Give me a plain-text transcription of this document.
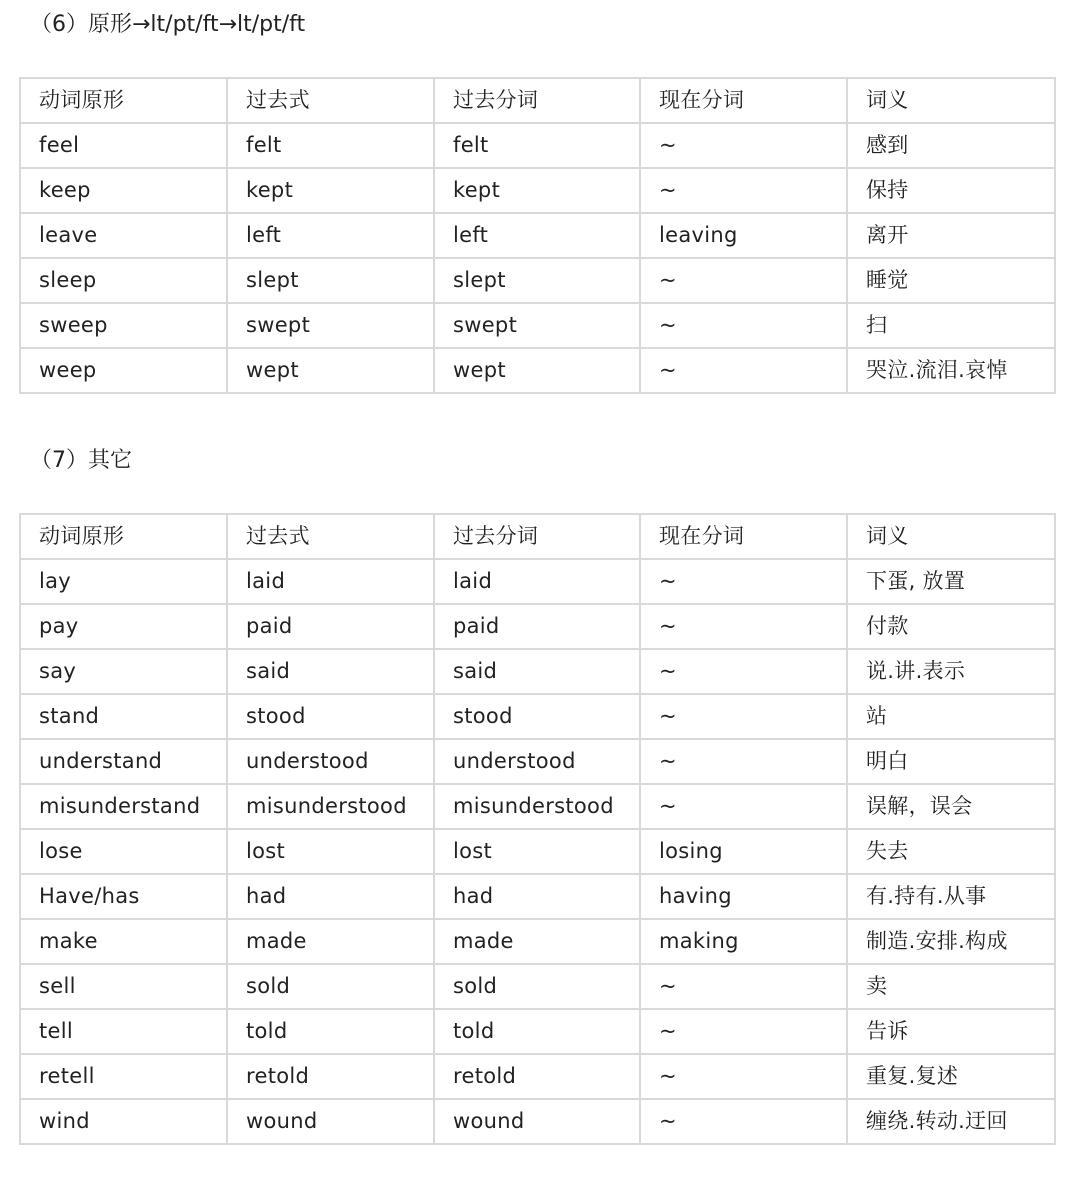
（6）原形→lt/pt/ft→lt/pt/ft
动词原形	过去式	过去分词	现在分词	词义
feel	felt	felt	~	感到
keep	kept	kept	~	保持
leave	left	left	leaving	离开
sleep	slept	slept	~	睡觉
sweep	swept	swept	~	扫
weep	wept	wept	~	哭泣.流泪.哀悼
（7）其它
动词原形	过去式	过去分词	现在分词	词义
lay	laid	laid	~	下蛋, 放置
pay	paid	paid	~	付款
say	said	said	~	说.讲.表示
stand	stood	stood	~	站
understand	understood	understood	~	明白
misunderstand	misunderstood	misunderstood	~	误解，误会
lose	lost	lost	losing	失去
Have/has	had	had	having	有.持有.从事
make	made	made	making	制造.安排.构成
sell	sold	sold	~	卖
tell	told	told	~	告诉
retell	retold	retold	~	重复.复述
wind	wound	wound	~	缠绕.转动.迂回
